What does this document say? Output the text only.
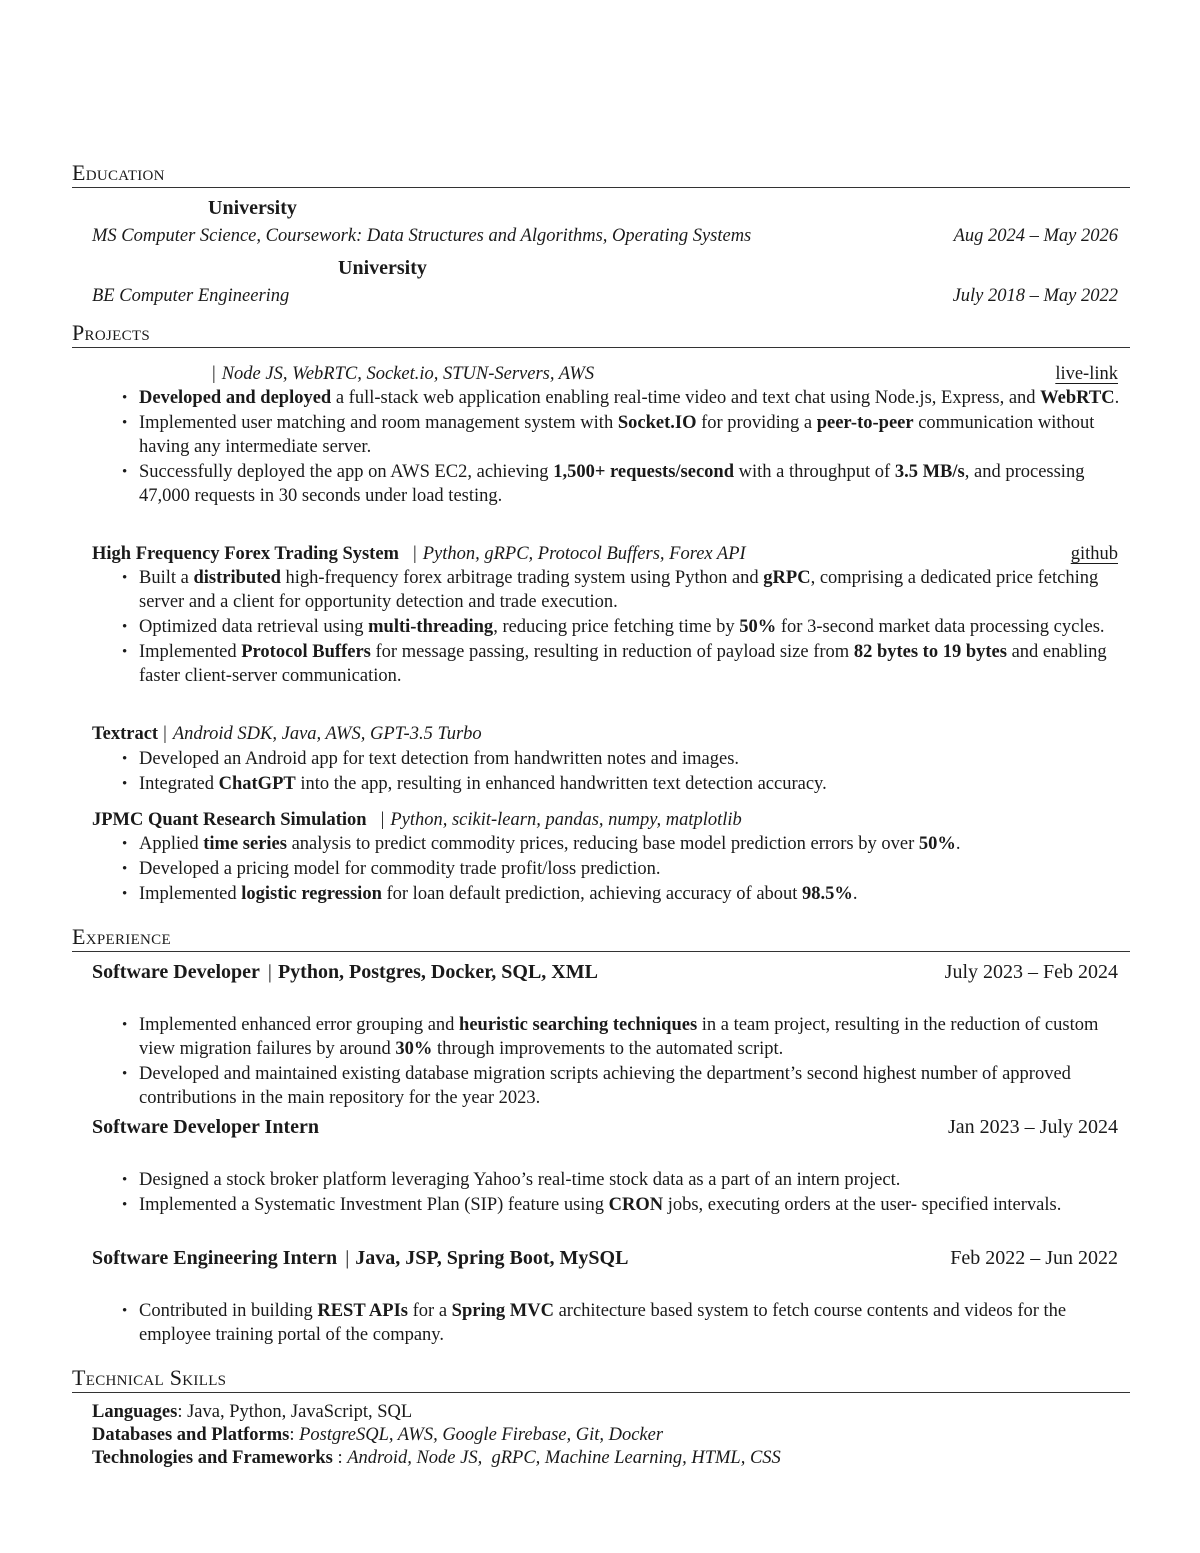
Education
University
MS Computer Science, Coursework: Data Structures and Algorithms, Operating Systems	Aug 2024 – May 2026
University
BE Computer Engineering	July 2018 – May 2022
Projects
| Node JS, WebRTC, Socket.io, STUN-Servers, AWS	live-link
• Developed and deployed a full-stack web application enabling real-time video and text chat using Node.js, Express, and WebRTC.
• Implemented user matching and room management system with Socket.IO for providing a peer-to-peer communication without having any intermediate server.
• Successfully deployed the app on AWS EC2, achieving 1,500+ requests/second with a throughput of 3.5 MB/s, and processing 47,000 requests in 30 seconds under load testing.
High Frequency Forex Trading System | Python, gRPC, Protocol Buffers, Forex API	github
• Built a distributed high-frequency forex arbitrage trading system using Python and gRPC, comprising a dedicated price fetching server and a client for opportunity detection and trade execution.
• Optimized data retrieval using multi-threading, reducing price fetching time by 50% for 3-second market data processing cycles.
• Implemented Protocol Buffers for message passing, resulting in reduction of payload size from 82 bytes to 19 bytes and enabling faster client-server communication.
Textract | Android SDK, Java, AWS, GPT-3.5 Turbo
• Developed an Android app for text detection from handwritten notes and images.
• Integrated ChatGPT into the app, resulting in enhanced handwritten text detection accuracy.
JPMC Quant Research Simulation | Python, scikit-learn, pandas, numpy, matplotlib
• Applied time series analysis to predict commodity prices, reducing base model prediction errors by over 50%.
• Developed a pricing model for commodity trade profit/loss prediction.
• Implemented logistic regression for loan default prediction, achieving accuracy of about 98.5%.
Experience
Software Developer | Python, Postgres, Docker, SQL, XML	July 2023 – Feb 2024
• Implemented enhanced error grouping and heuristic searching techniques in a team project, resulting in the reduction of custom view migration failures by around 30% through improvements to the automated script.
• Developed and maintained existing database migration scripts achieving the department’s second highest number of approved contributions in the main repository for the year 2023.
Software Developer Intern	Jan 2023 – July 2024
• Designed a stock broker platform leveraging Yahoo’s real-time stock data as a part of an intern project.
• Implemented a Systematic Investment Plan (SIP) feature using CRON jobs, executing orders at the user- specified intervals.
Software Engineering Intern | Java, JSP, Spring Boot, MySQL	Feb 2022 – Jun 2022
• Contributed in building REST APIs for a Spring MVC architecture based system to fetch course contents and videos for the employee training portal of the company.
Technical Skills
Languages: Java, Python, JavaScript, SQL
Databases and Platforms: PostgreSQL, AWS, Google Firebase, Git, Docker
Technologies and Frameworks : Android, Node JS,  gRPC, Machine Learning, HTML, CSS
